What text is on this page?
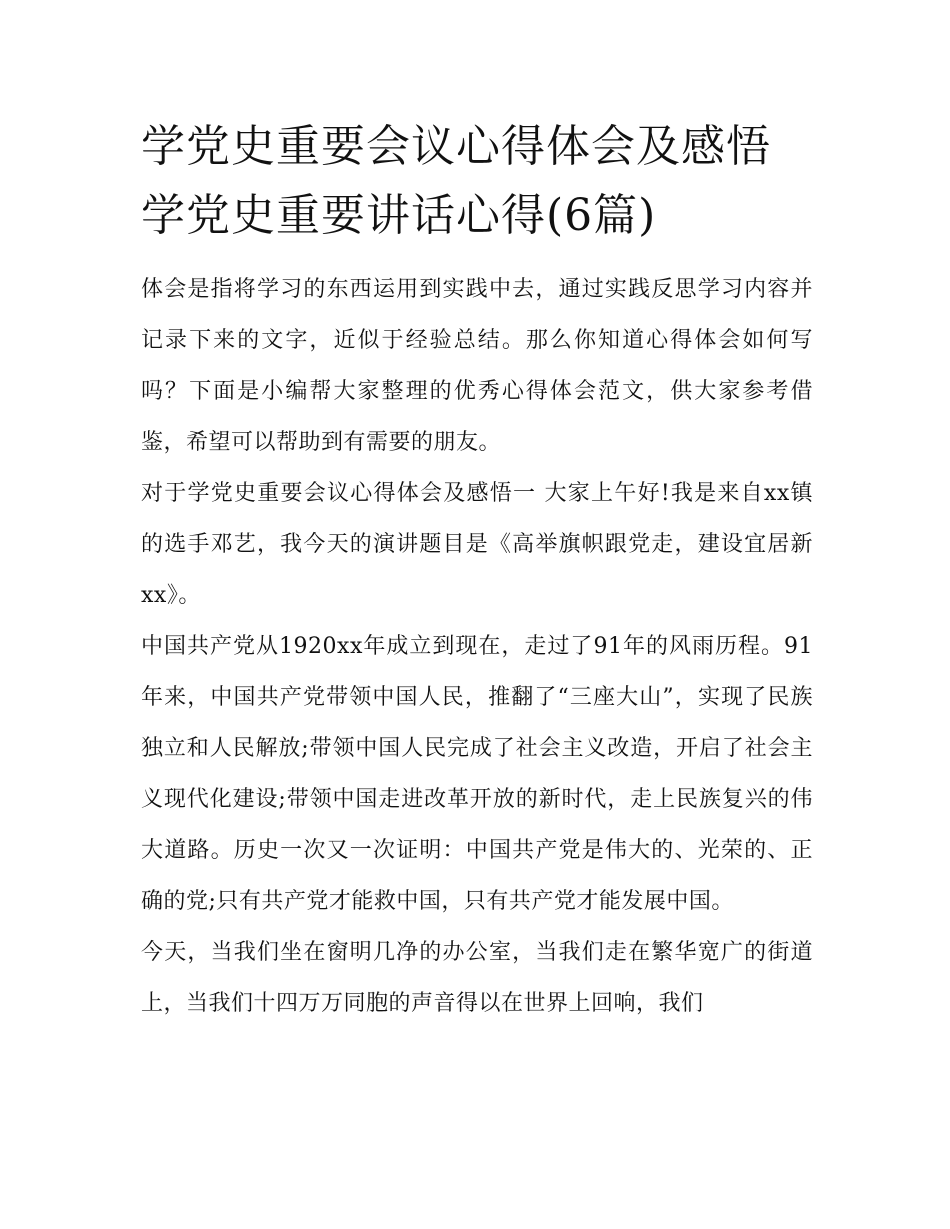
学党史重要会议心得体会及感悟 学党史重要讲话心得(6篇)

体会是指将学习的东西运用到实践中去，通过实践反思学习内容并记录下来的文字，近似于经验总结。那么你知道心得体会如何写吗？下面是小编帮大家整理的优秀心得体会范文，供大家参考借鉴，希望可以帮助到有需要的朋友。

对于学党史重要会议心得体会及感悟一 大家上午好!我是来自xx镇的选手邓艺，我今天的演讲题目是《高举旗帜跟党走，建设宜居新xx》。

中国共产党从1920xx年成立到现在，走过了91年的风雨历程。91年来，中国共产党带领中国人民，推翻了“三座大山”，实现了民族独立和人民解放;带领中国人民完成了社会主义改造，开启了社会主义现代化建设;带领中国走进改革开放的新时代，走上民族复兴的伟大道路。历史一次又一次证明：中国共产党是伟大的、光荣的、正确的党;只有共产党才能救中国，只有共产党才能发展中国。

今天，当我们坐在窗明几净的办公室，当我们走在繁华宽广的街道上，当我们十四万万同胞的声音得以在世界上回响，我们
